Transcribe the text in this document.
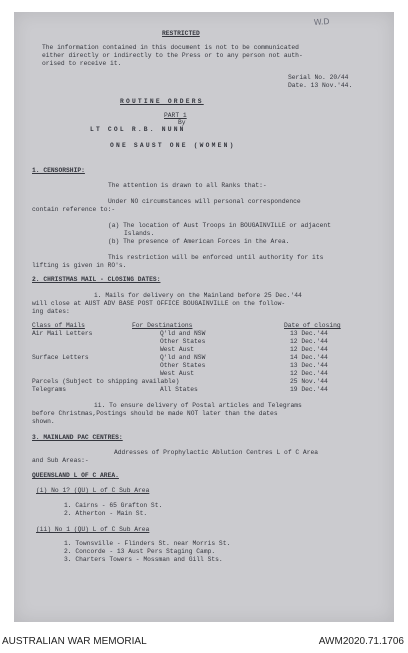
W.D
RESTRICTED
The information contained in this document is not to be communicated
either directly or indirectly to the Press or to any person not auth-
orised to receive it.
Serial No. 20/44
Date. 13 Nov.'44.
ROUTINE ORDERS
PART 1
By
LT COL R.B. NUNN
ONE SAUST ONE (WOMEN)
1. CENSORSHIP:
The attention is drawn to all Ranks that:-
Under NO circumstances will personal correspondence
contain reference to:-
(a) The location of Aust Troops in BOUGAINVILLE or adjacent
Islands.
(b) The presence of American Forces in the Area.
This restriction will be enforced until authority for its
lifting is given in RO's.
2. CHRISTMAS MAIL - CLOSING DATES:
i. Mails for delivery on the Mainland before 25 Dec.'44
will close at AUST ADV BASE POST OFFICE BOUGAINVILLE on the follow-
ing dates:
Class of Mails	For Destinations	Date of closing
Air Mail Letters	Q'ld and NSW	13 Dec.'44
Other States	12 Dec.'44
West Aust	12 Dec.'44
Surface Letters	Q'ld and NSW	14 Dec.'44
Other States	13 Dec.'44
West Aust	12 Dec.'44
Parcels (Subject to shipping available)	25 Nov.'44
Telegrams	All States	19 Dec.'44
ii. To ensure delivery of Postal articles and Telegrams
before Christmas,Postings should be made NOT later than the dates
shown.
3. MAINLAND PAC CENTRES:
Addresses of Prophylactic Ablution Centres L of C Area
and Sub Areas:-
QUEENSLAND L OF C AREA.
(i) No 1? (QU) L of C Sub Area
1. Cairns - 65 Grafton St.
2. Atherton - Main St.
(ii) No 1 (QU) L of C Sub Area
1. Townsville - Flinders St. near Morris St.
2. Concorde - 13 Aust Pers Staging Camp.
3. Charters Towers - Mossman and Gill Sts.
AUSTRALIAN WAR MEMORIAL	AWM2020.71.1706
